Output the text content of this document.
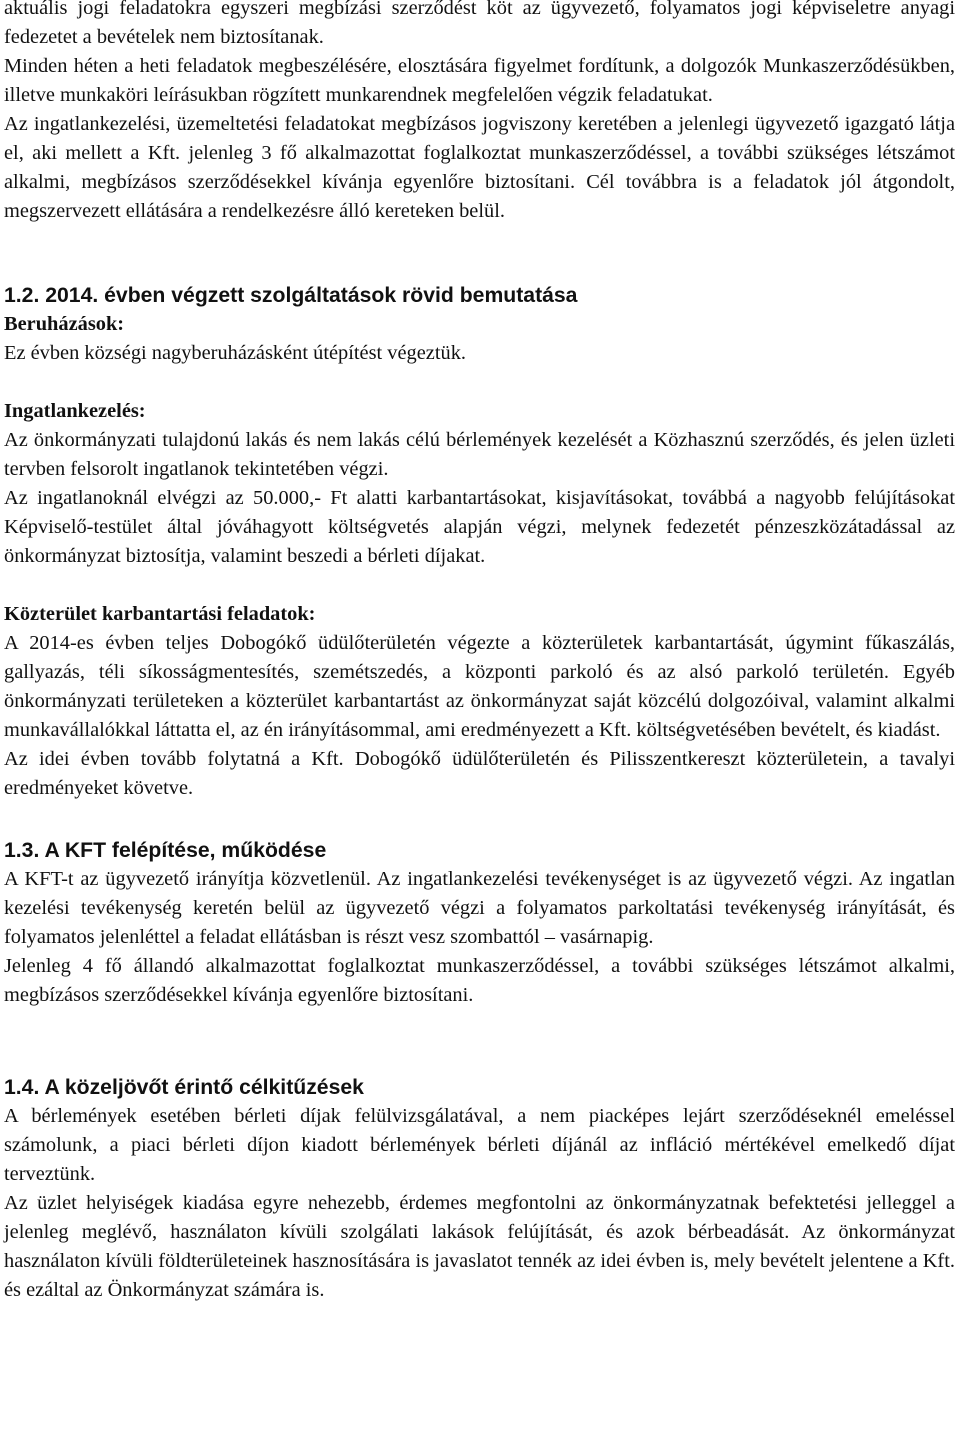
aktuális jogi feladatokra egyszeri megbízási szerződést köt az ügyvezető, folyamatos jogi képviseletre anyagi fedezetet a bevételek nem biztosítanak.

Minden héten a heti feladatok megbeszélésére, elosztására figyelmet fordítunk, a dolgozók Munkaszerződésükben, illetve munkaköri leírásukban rögzített munkarendnek megfelelően végzik feladatukat.

Az ingatlankezelési, üzemeltetési feladatokat megbízásos jogviszony keretében a jelenlegi ügyvezető igazgató látja el, aki mellett a Kft. jelenleg 3 fő alkalmazottat foglalkoztat munkaszerződéssel, a további szükséges létszámot alkalmi, megbízásos szerződésekkel kívánja egyenlőre biztosítani. Cél továbbra is a feladatok jól átgondolt, megszervezett ellátására a rendelkezésre álló kereteken belül.

1.2. 2014. évben végzett szolgáltatások rövid bemutatása

Beruházások:

Ez évben községi nagyberuházásként útépítést végeztük.

Ingatlankezelés:

Az önkormányzati tulajdonú lakás és nem lakás célú bérlemények kezelését a Közhasznú szerződés, és jelen üzleti tervben felsorolt ingatlanok tekintetében végzi.

Az ingatlanoknál elvégzi az 50.000,- Ft alatti karbantartásokat, kisjavításokat, továbbá a nagyobb felújításokat Képviselő-testület által jóváhagyott költségvetés alapján végzi, melynek fedezetét pénzeszközátadással az önkormányzat biztosítja, valamint beszedi a bérleti díjakat.

Közterület karbantartási feladatok:

A 2014-es évben teljes Dobogókő üdülőterületén végezte a közterületek karbantartását, úgymint fűkaszálás, gallyazás, téli síkosságmentesítés, szemétszedés, a központi parkoló és az alsó parkoló területén. Egyéb önkormányzati területeken a közterület karbantartást az önkormányzat saját közcélú dolgozóival, valamint alkalmi munkavállalókkal láttatta el, az én irányításommal, ami eredményezett a Kft. költségvetésében bevételt, és kiadást.

Az idei évben tovább folytatná a Kft. Dobogókő üdülőterületén és Pilisszentkereszt közterületein, a tavalyi eredményeket követve.

1.3. A KFT felépítése, működése

A KFT-t az ügyvezető irányítja közvetlenül. Az ingatlankezelési tevékenységet is az ügyvezető végzi. Az ingatlan kezelési tevékenység keretén belül az ügyvezető végzi a folyamatos parkoltatási tevékenység irányítását, és folyamatos jelenléttel a feladat ellátásban is részt vesz szombattól – vasárnapig.

Jelenleg 4 fő állandó alkalmazottat foglalkoztat munkaszerződéssel, a további szükséges létszámot alkalmi, megbízásos szerződésekkel kívánja egyenlőre biztosítani.

1.4. A közeljövőt érintő célkitűzések

A bérlemények esetében bérleti díjak felülvizsgálatával, a nem piacképes lejárt szerződéseknél emeléssel számolunk, a piaci bérleti díjon kiadott bérlemények bérleti díjánál az infláció mértékével emelkedő díjat terveztünk.

Az üzlet helyiségek kiadása egyre nehezebb, érdemes megfontolni az önkormányzatnak befektetési jelleggel a jelenleg meglévő, használaton kívüli szolgálati lakások felújítását, és azok bérbeadását. Az önkormányzat használaton kívüli földterületeinek hasznosítására is javaslatot tennék az idei évben is, mely bevételt jelentene a Kft. és ezáltal az Önkormányzat számára is.
